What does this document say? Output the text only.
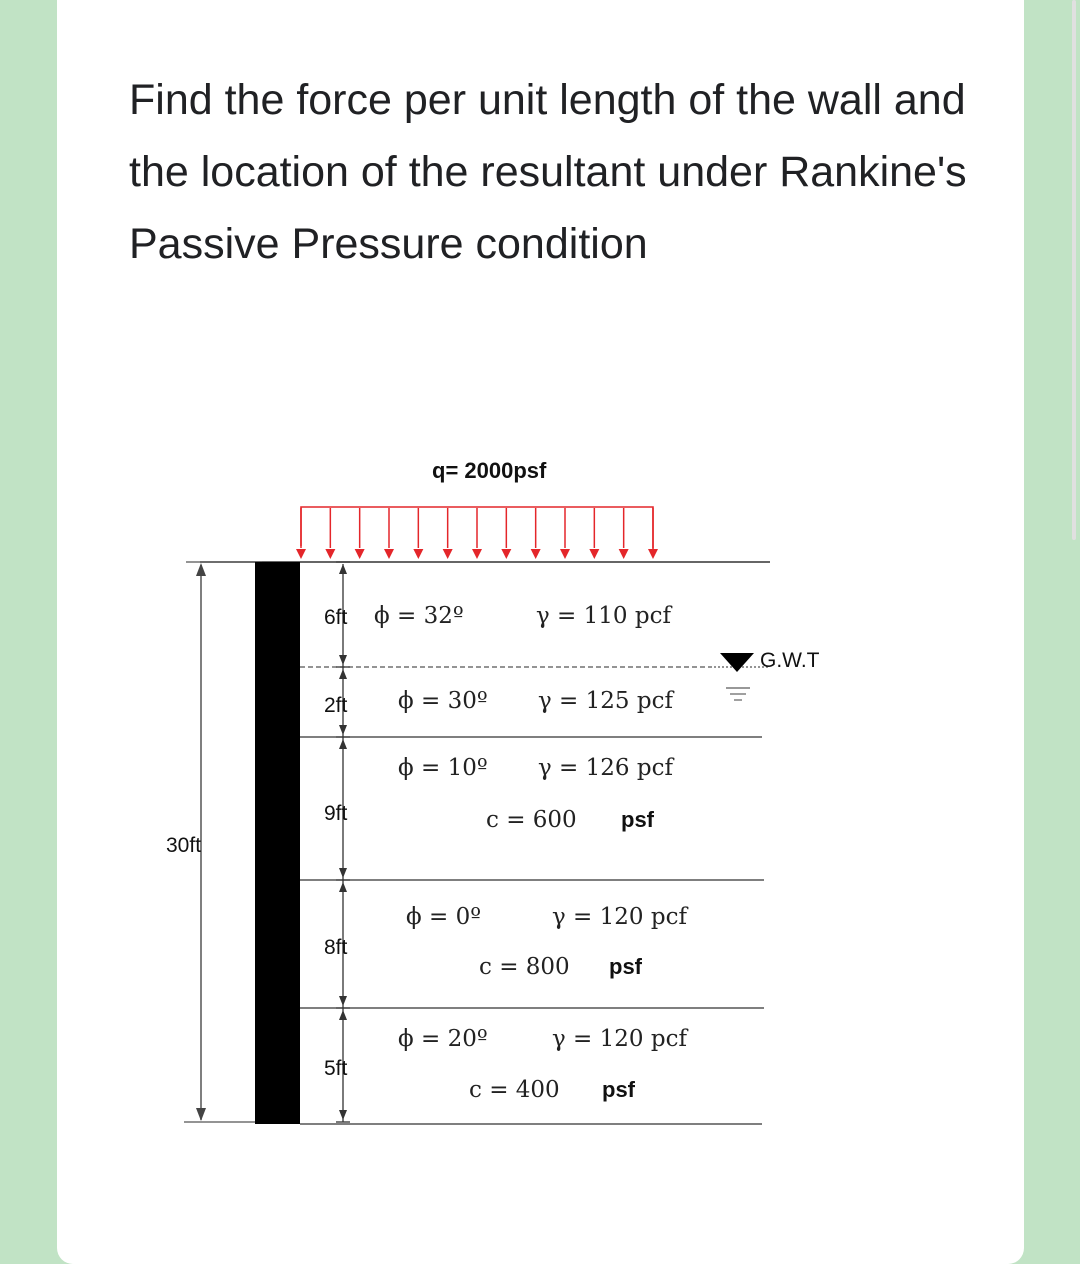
Find the force per unit length of the wall and the location of the resultant under Rankine's Passive Pressure condition

q= 2000psf
30ft
6ft
2ft
9ft
8ft
5ft
G.W.T
ϕ = 32º	γ = 110 pcf
ϕ = 30º γ = 125 pcf
ϕ = 10º γ = 126 pcf
c = 600 psf
ϕ = 0º	γ = 120 pcf
c = 800 psf
ϕ = 20º	γ = 120 pcf
c = 400 psf
